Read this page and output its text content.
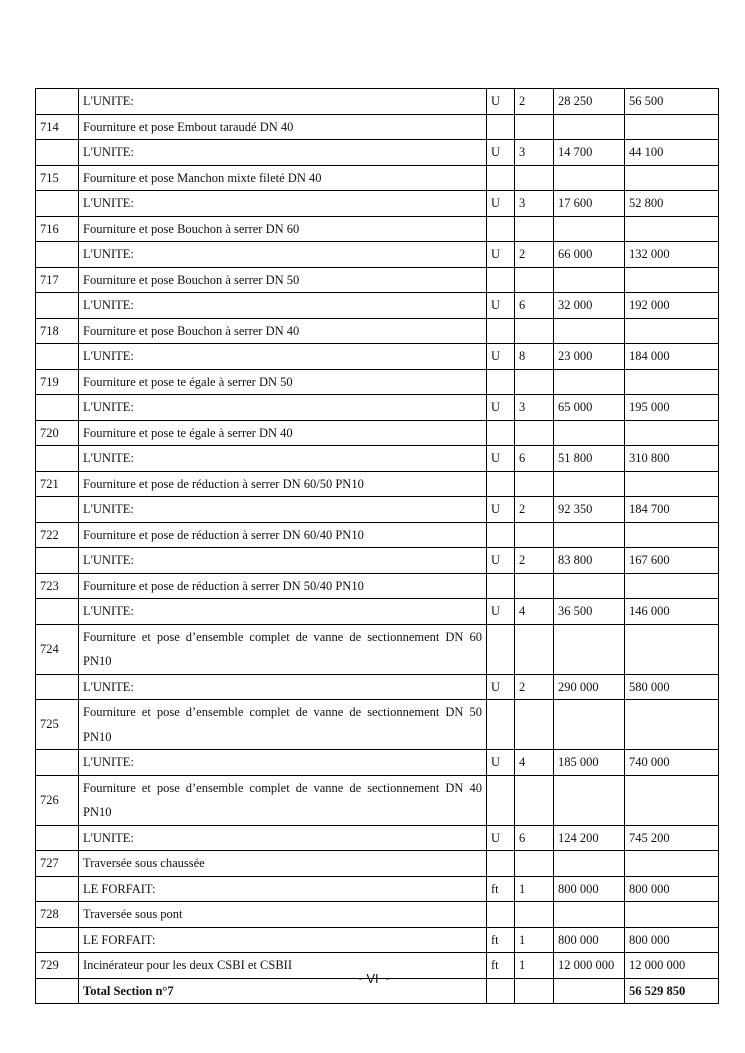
	L'UNITE:	U	2	28 250	56 500
714	Fourniture et pose Embout taraudé DN 40				
	L'UNITE:	U	3	14 700	44 100
715	Fourniture et pose Manchon mixte fileté DN 40				
	L'UNITE:	U	3	17 600	52 800
716	Fourniture et pose Bouchon à serrer DN 60				
	L'UNITE:	U	2	66 000	132 000
717	Fourniture et pose Bouchon à serrer DN 50				
	L'UNITE:	U	6	32 000	192 000
718	Fourniture et pose Bouchon à serrer DN 40				
	L'UNITE:	U	8	23 000	184 000
719	Fourniture et pose te égale à serrer DN 50				
	L'UNITE:	U	3	65 000	195 000
720	Fourniture et pose te égale à serrer DN 40				
	L'UNITE:	U	6	51 800	310 800
721	Fourniture et pose de réduction à serrer DN 60/50 PN10				
	L'UNITE:	U	2	92 350	184 700
722	Fourniture et pose de réduction à serrer DN 60/40 PN10				
	L'UNITE:	U	2	83 800	167 600
723	Fourniture et pose de réduction à serrer DN 50/40 PN10				
	L'UNITE:	U	4	36 500	146 000
724	Fourniture et pose d’ensemble complet de vanne de sectionnement DN 60 PN10				
	L'UNITE:	U	2	290 000	580 000
725	Fourniture et pose d’ensemble complet de vanne de sectionnement DN 50 PN10				
	L'UNITE:	U	4	185 000	740 000
726	Fourniture et pose d’ensemble complet de vanne de sectionnement DN 40 PN10				
	L'UNITE:	U	6	124 200	745 200
727	Traversée sous chaussée				
	LE FORFAIT:	ft	1	800 000	800 000
728	Traversée sous pont				
	LE FORFAIT:	ft	1	800 000	800 000
729	Incinérateur pour les deux CSBI et CSBII	ft	1	12 000 000	12 000 000
	Total Section n°7				56 529 850
~ VI ~
